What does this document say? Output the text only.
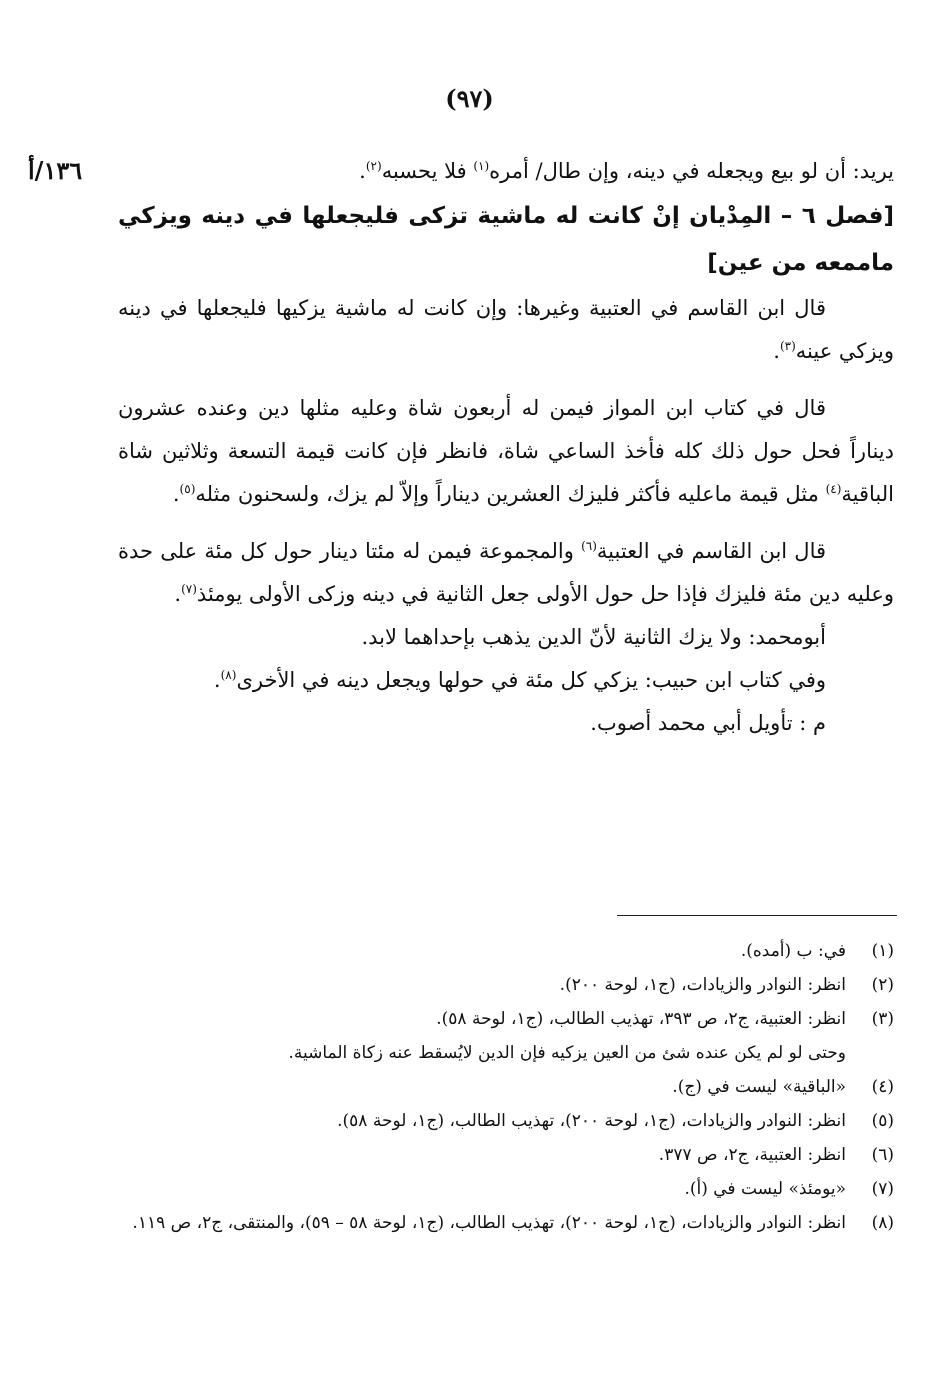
(٩٧)
١٣٦/أ	يريد: أن لو بيع ويجعله في دينه، وإن طال/ أمره$^{(١)}$ فلا يحسبه$^{(٢)}$.

[فصل ٦ – المِدْيان إنْ كانت له ماشية تزكى فليجعلها في دينه ويزكي ماممعه من عين]

قال ابن القاسم في العتبية وغيرها: وإن كانت له ماشية يزكيها فليجعلها في دينه ويزكي عينه$^{(٣)}$.

قال في كتاب ابن المواز فيمن له أربعون شاة وعليه مثلها دين وعنده عشرون ديناراً فحل حول ذلك كله فأخذ الساعي شاة، فانظر فإن كانت قيمة التسعة وثلاثين شاة الباقية$^{(٤)}$ مثل قيمة ماعليه فأكثر فليزك العشرين ديناراً وإلاّ لم يزك، ولسحنون مثله$^{(٥)}$.

قال ابن القاسم في العتبية$^{(٦)}$ والمجموعة فيمن له مئتا دينار حول كل مئة على حدة وعليه دين مئة فليزك فإذا حل حول الأولى جعل الثانية في دينه وزكى الأولى يومئذ$^{(٧)}$.

أبومحمد: ولا يزك الثانية لأنّ الدين يذهب بإحداهما لابد.

وفي كتاب ابن حبيب: يزكي كل مئة في حولها ويجعل دينه في الأخرى$^{(٨)}$.

م : تأويل أبي محمد أصوب.

(١)
في: ب (أمده).
(٢)
انظر: النوادر والزيادات، (ج١، لوحة ٢٠٠).
(٣)
انظر: العتبية، ج٢، ص ٣٩٣، تهذيب الطالب، (ج١، لوحة ٥٨).
وحتى لو لم يكن عنده شئ من العين يزكيه فإن الدين لايُسقط عنه زكاة الماشية.
(٤)
«الباقية» ليست في (ج).
(٥)
انظر: النوادر والزيادات، (ج١، لوحة ٢٠٠)، تهذيب الطالب، (ج١، لوحة ٥٨).
(٦)
انظر: العتبية، ج٢، ص ٣٧٧.
(٧)
«يومئذ» ليست في (أ).
(٨)
انظر: النوادر والزيادات، (ج١، لوحة ٢٠٠)، تهذيب الطالب، (ج١، لوحة ٥٨ – ٥٩)، والمنتقى، ج٢، ص ١١٩.
